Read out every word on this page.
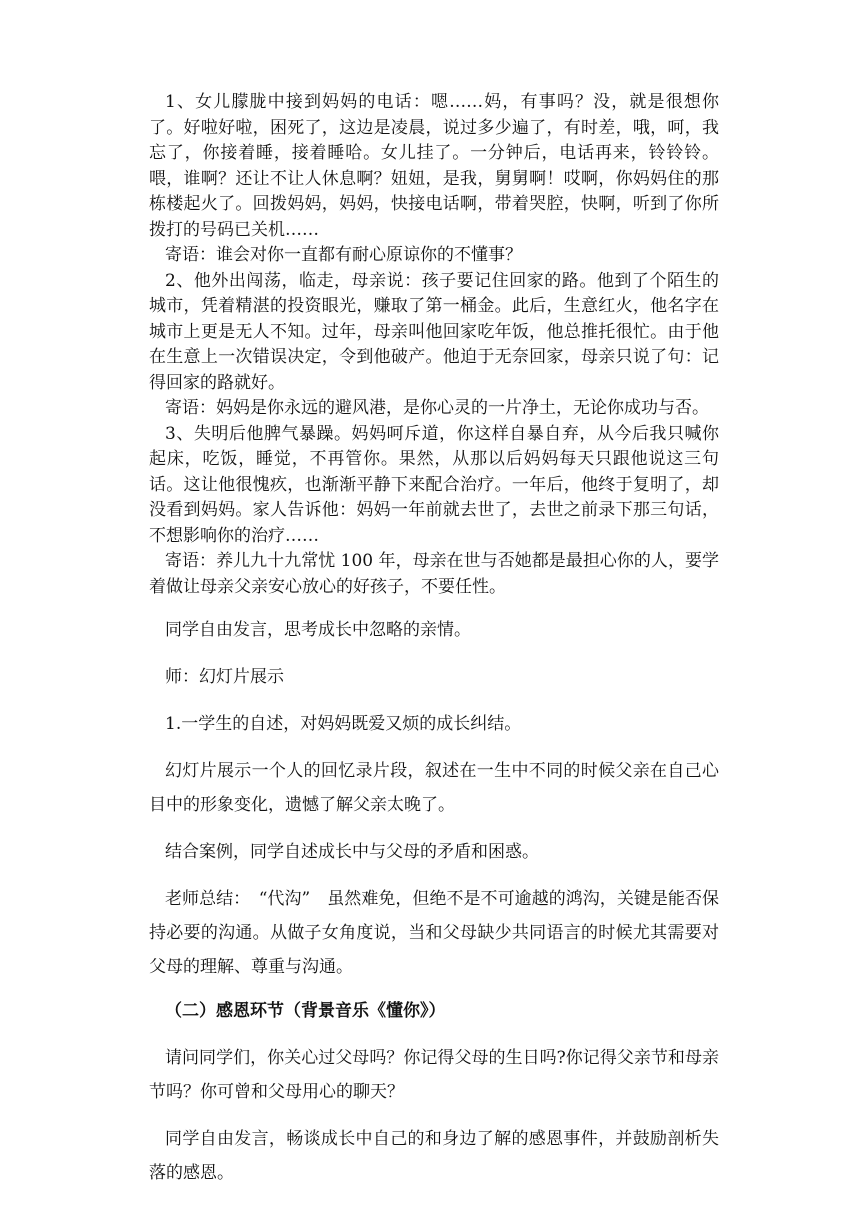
1、女儿朦胧中接到妈妈的电话：嗯……妈，有事吗？没，就是很想你了。好啦好啦，困死了，这边是凌晨，说过多少遍了，有时差，哦，呵，我忘了，你接着睡，接着睡哈。女儿挂了。一分钟后，电话再来，铃铃铃。喂，谁啊？还让不让人休息啊？妞妞，是我，舅舅啊！哎啊，你妈妈住的那栋楼起火了。回拨妈妈，妈妈，快接电话啊，带着哭腔，快啊，听到了你所拨打的号码已关机……

寄语：谁会对你一直都有耐心原谅你的不懂事？

2、他外出闯荡，临走，母亲说：孩子要记住回家的路。他到了个陌生的城市，凭着精湛的投资眼光，赚取了第一桶金。此后，生意红火，他名字在城市上更是无人不知。过年，母亲叫他回家吃年饭，他总推托很忙。由于他在生意上一次错误决定，令到他破产。他迫于无奈回家，母亲只说了句：记得回家的路就好。

寄语：妈妈是你永远的避风港，是你心灵的一片净土，无论你成功与否。

3、失明后他脾气暴躁。妈妈呵斥道，你这样自暴自弃，从今后我只喊你起床，吃饭，睡觉，不再管你。果然，从那以后妈妈每天只跟他说这三句话。这让他很愧疚，也渐渐平静下来配合治疗。一年后，他终于复明了，却没看到妈妈。家人告诉他：妈妈一年前就去世了，去世之前录下那三句话，不想影响你的治疗……

寄语：养儿九十九常忧 100 年，母亲在世与否她都是最担心你的人，要学着做让母亲父亲安心放心的好孩子，不要任性。

同学自由发言，思考成长中忽略的亲情。

师：幻灯片展示

1.一学生的自述，对妈妈既爱又烦的成长纠结。

幻灯片展示一个人的回忆录片段，叙述在一生中不同的时候父亲在自己心目中的形象变化，遗憾了解父亲太晚了。

结合案例，同学自述成长中与父母的矛盾和困惑。

老师总结：　“代沟”　虽然难免，但绝不是不可逾越的鸿沟，关键是能否保持必要的沟通。从做子女角度说，当和父母缺少共同语言的时候尤其需要对父母的理解、尊重与沟通。

（二）感恩环节（背景音乐《懂你》）

请问同学们，你关心过父母吗？你记得父母的生日吗?你记得父亲节和母亲节吗？你可曾和父母用心的聊天？

同学自由发言，畅谈成长中自己的和身边了解的感恩事件，并鼓励剖析失落的感恩。
